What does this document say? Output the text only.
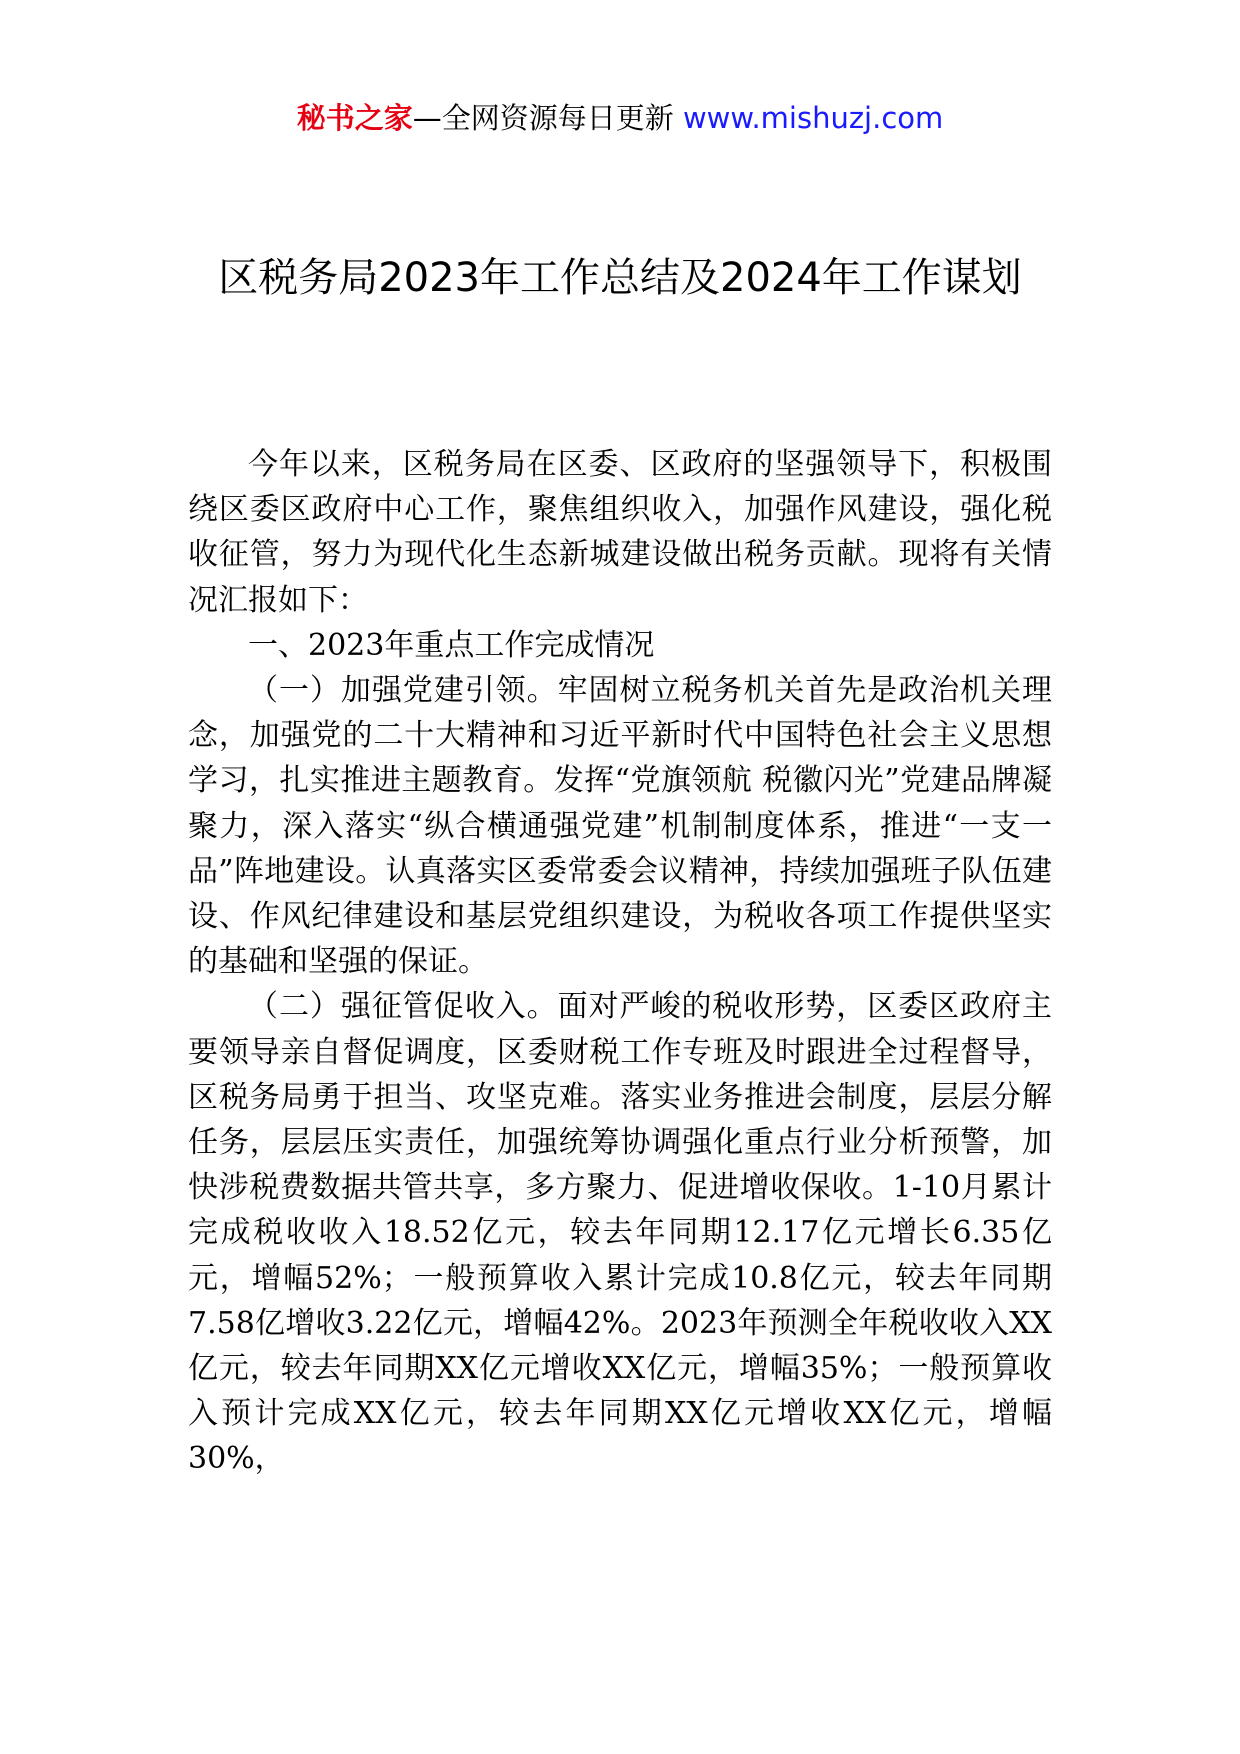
秘书之家—全网资源每日更新 www.mishuzj.com
区税务局2023年工作总结及2024年工作谋划

今年以来，区税务局在区委、区政府的坚强领导下，积极围绕区委区政府中心工作，聚焦组织收入，加强作风建设，强化税收征管，努力为现代化生态新城建设做出税务贡献。现将有关情况汇报如下：

一、2023年重点工作完成情况

（一）加强党建引领。牢固树立税务机关首先是政治机关理念，加强党的二十大精神和习近平新时代中国特色社会主义思想学习，扎实推进主题教育。发挥“党旗领航 税徽闪光”党建品牌凝聚力，深入落实“纵合横通强党建”机制制度体系，推进“一支一品”阵地建设。认真落实区委常委会议精神，持续加强班子队伍建设、作风纪律建设和基层党组织建设，为税收各项工作提供坚实的基础和坚强的保证。

（二）强征管促收入。面对严峻的税收形势，区委区政府主要领导亲自督促调度，区委财税工作专班及时跟进全过程督导，区税务局勇于担当、攻坚克难。落实业务推进会制度，层层分解任务，层层压实责任，加强统筹协调强化重点行业分析预警，加快涉税费数据共管共享，多方聚力、促进增收保收。1-10月累计完成税收收入18.52亿元，较去年同期12.17亿元增长6.35亿元，增幅52%；一般预算收入累计完成10.8亿元，较去年同期7.58亿增收3.22亿元，增幅42%。2023年预测全年税收收入XX亿元，较去年同期XX亿元增收XX亿元，增幅35%；一般预算收入预计完成XX亿元，较去年同期XX亿元增收XX亿元，增幅30%，
